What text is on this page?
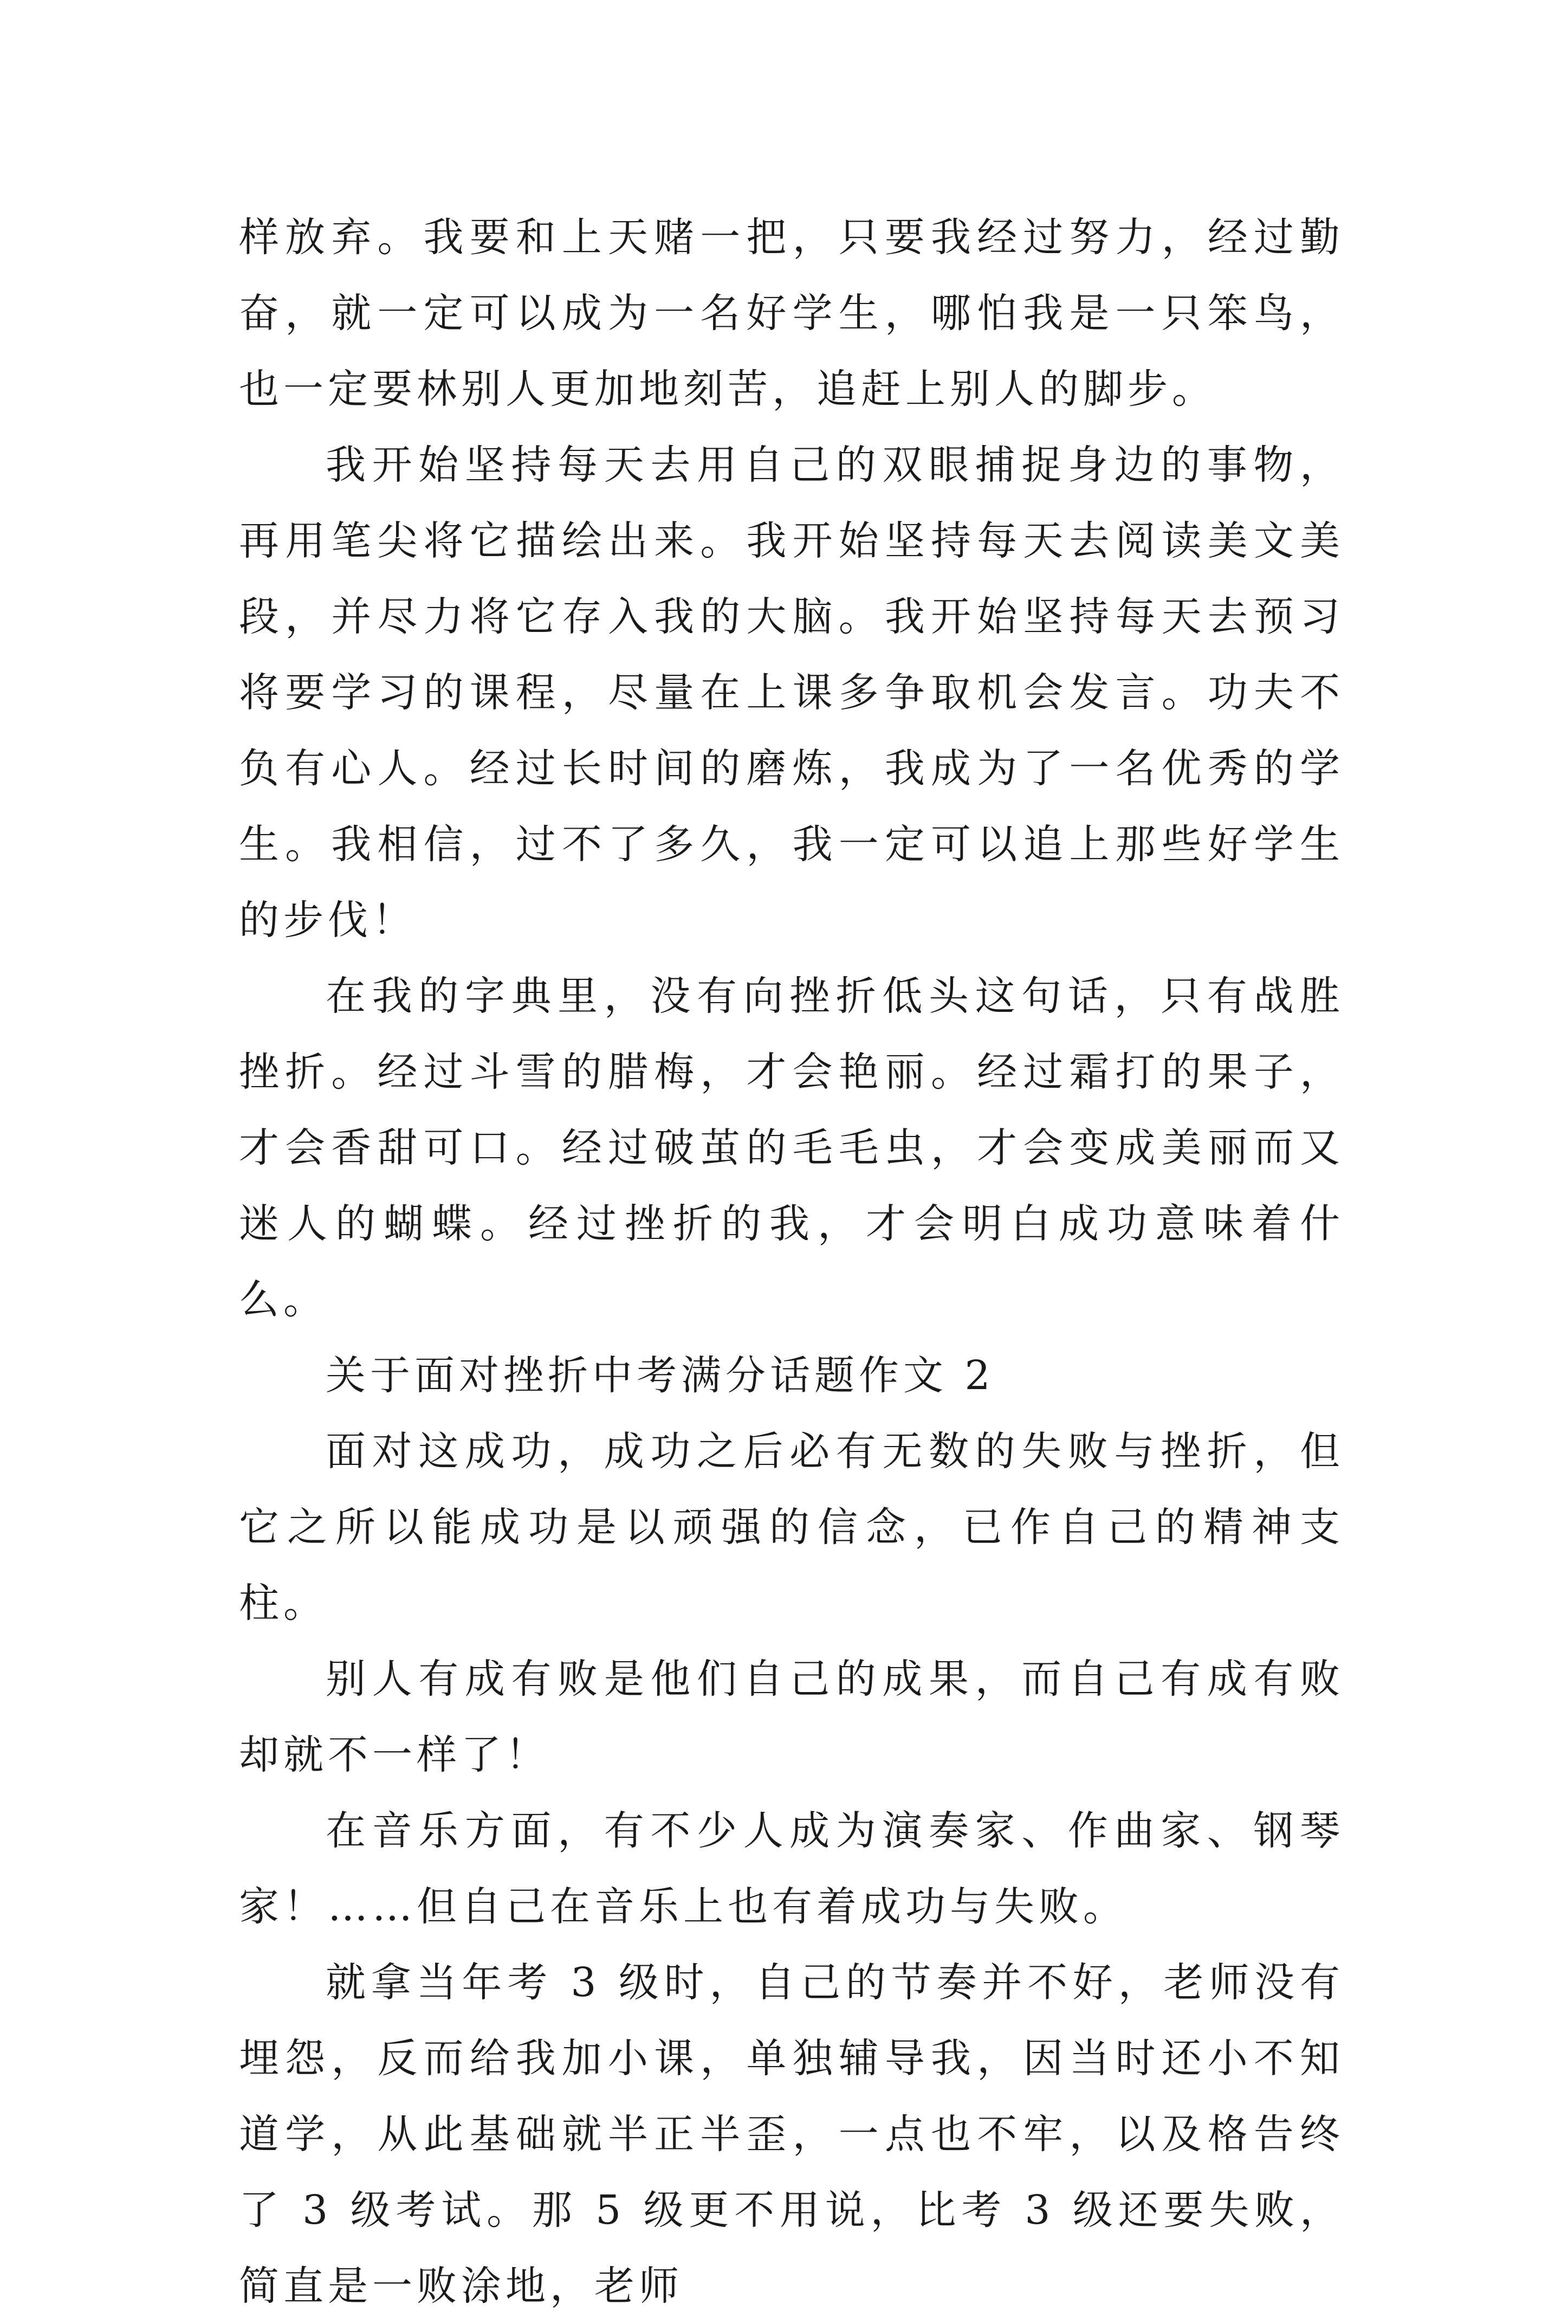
样放弃。我要和上天赌一把，只要我经过努力，经过勤奋，就一定可以成为一名好学生，哪怕我是一只笨鸟，也一定要林别人更加地刻苦，追赶上别人的脚步。

我开始坚持每天去用自己的双眼捕捉身边的事物，再用笔尖将它描绘出来。我开始坚持每天去阅读美文美段，并尽力将它存入我的大脑。我开始坚持每天去预习将要学习的课程，尽量在上课多争取机会发言。功夫不负有心人。经过长时间的磨炼，我成为了一名优秀的学生。我相信，过不了多久，我一定可以追上那些好学生的步伐！

在我的字典里，没有向挫折低头这句话，只有战胜挫折。经过斗雪的腊梅，才会艳丽。经过霜打的果子，才会香甜可口。经过破茧的毛毛虫，才会变成美丽而又迷人的蝴蝶。经过挫折的我，才会明白成功意味着什么。

关于面对挫折中考满分话题作文 2

面对这成功，成功之后必有无数的失败与挫折，但它之所以能成功是以顽强的信念，已作自己的精神支柱。

别人有成有败是他们自己的成果，而自己有成有败却就不一样了！

在音乐方面，有不少人成为演奏家、作曲家、钢琴家！……但自己在音乐上也有着成功与失败。

就拿当年考 3 级时，自己的节奏并不好，老师没有埋怨，反而给我加小课，单独辅导我，因当时还小不知道学，从此基础就半正半歪，一点也不牢，以及格告终了 3 级考试。那 5 级更不用说，比考 3 级还要失败，简直是一败涂地，老师
